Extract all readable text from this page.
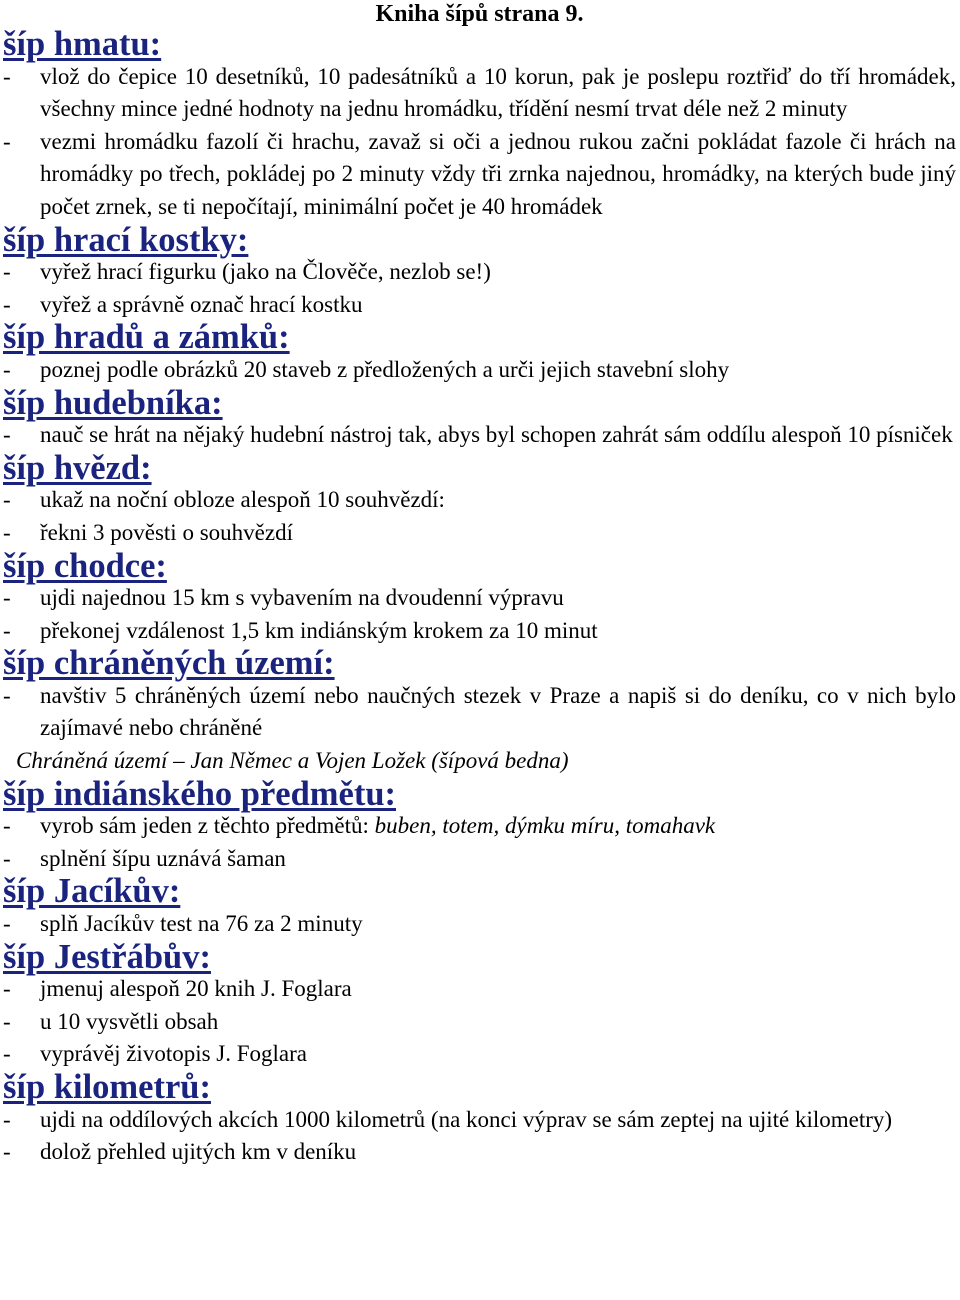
Kniha šípů strana 9.
šíp hmatu:
-	vlož do čepice 10 desetníků, 10 padesátníků a 10 korun, pak je poslepu roztřiď do tří hromádek, všechny mince jedné hodnoty na jednu hromádku, třídění nesmí trvat déle než 2 minuty
-	vezmi hromádku fazolí či hrachu, zavaž si oči a jednou rukou začni pokládat fazole či hrách na hromádky po třech, pokládej po 2 minuty vždy tři zrnka najednou, hromádky, na kterých bude jiný počet zrnek, se ti nepočítají, minimální počet je 40 hromádek
šíp hrací kostky:
-	vyřež hrací figurku (jako na Člověče, nezlob se!)
-	vyřež a správně označ hrací kostku
šíp hradů a zámků:
-	poznej podle obrázků 20 staveb z předložených a urči jejich stavební slohy
šíp hudebníka:
-	nauč se hrát na nějaký hudební nástroj tak, abys byl schopen zahrát sám oddílu alespoň 10 písniček
šíp hvězd:
-	ukaž na noční obloze alespoň 10 souhvězdí:
-	řekni 3 pověsti o souhvězdí
šíp chodce:
-	ujdi najednou 15 km s vybavením na dvoudenní výpravu
-	překonej vzdálenost 1,5 km indiánským krokem za 10 minut
šíp chráněných území:
-	navštiv 5 chráněných území nebo naučných stezek v Praze a napiš si do deníku, co v nich bylo zajímavé nebo chráněné

Chráněná území – Jan Němec a Vojen Ložek (šípová bedna)

šíp indiánského předmětu:
-	vyrob sám jeden z těchto předmětů: buben, totem, dýmku míru, tomahavk
-	splnění šípu uznává šaman
šíp Jacíkův:
-	splň Jacíkův test na 76 za 2 minuty
šíp Jestřábův:
-	jmenuj alespoň 20 knih J. Foglara
-	u 10 vysvětli obsah
-	vyprávěj životopis J. Foglara
šíp kilometrů:
-	ujdi na oddílových akcích 1000 kilometrů (na konci výprav se sám zeptej na ujité kilometry)
-	dolož přehled ujitých km v deníku
